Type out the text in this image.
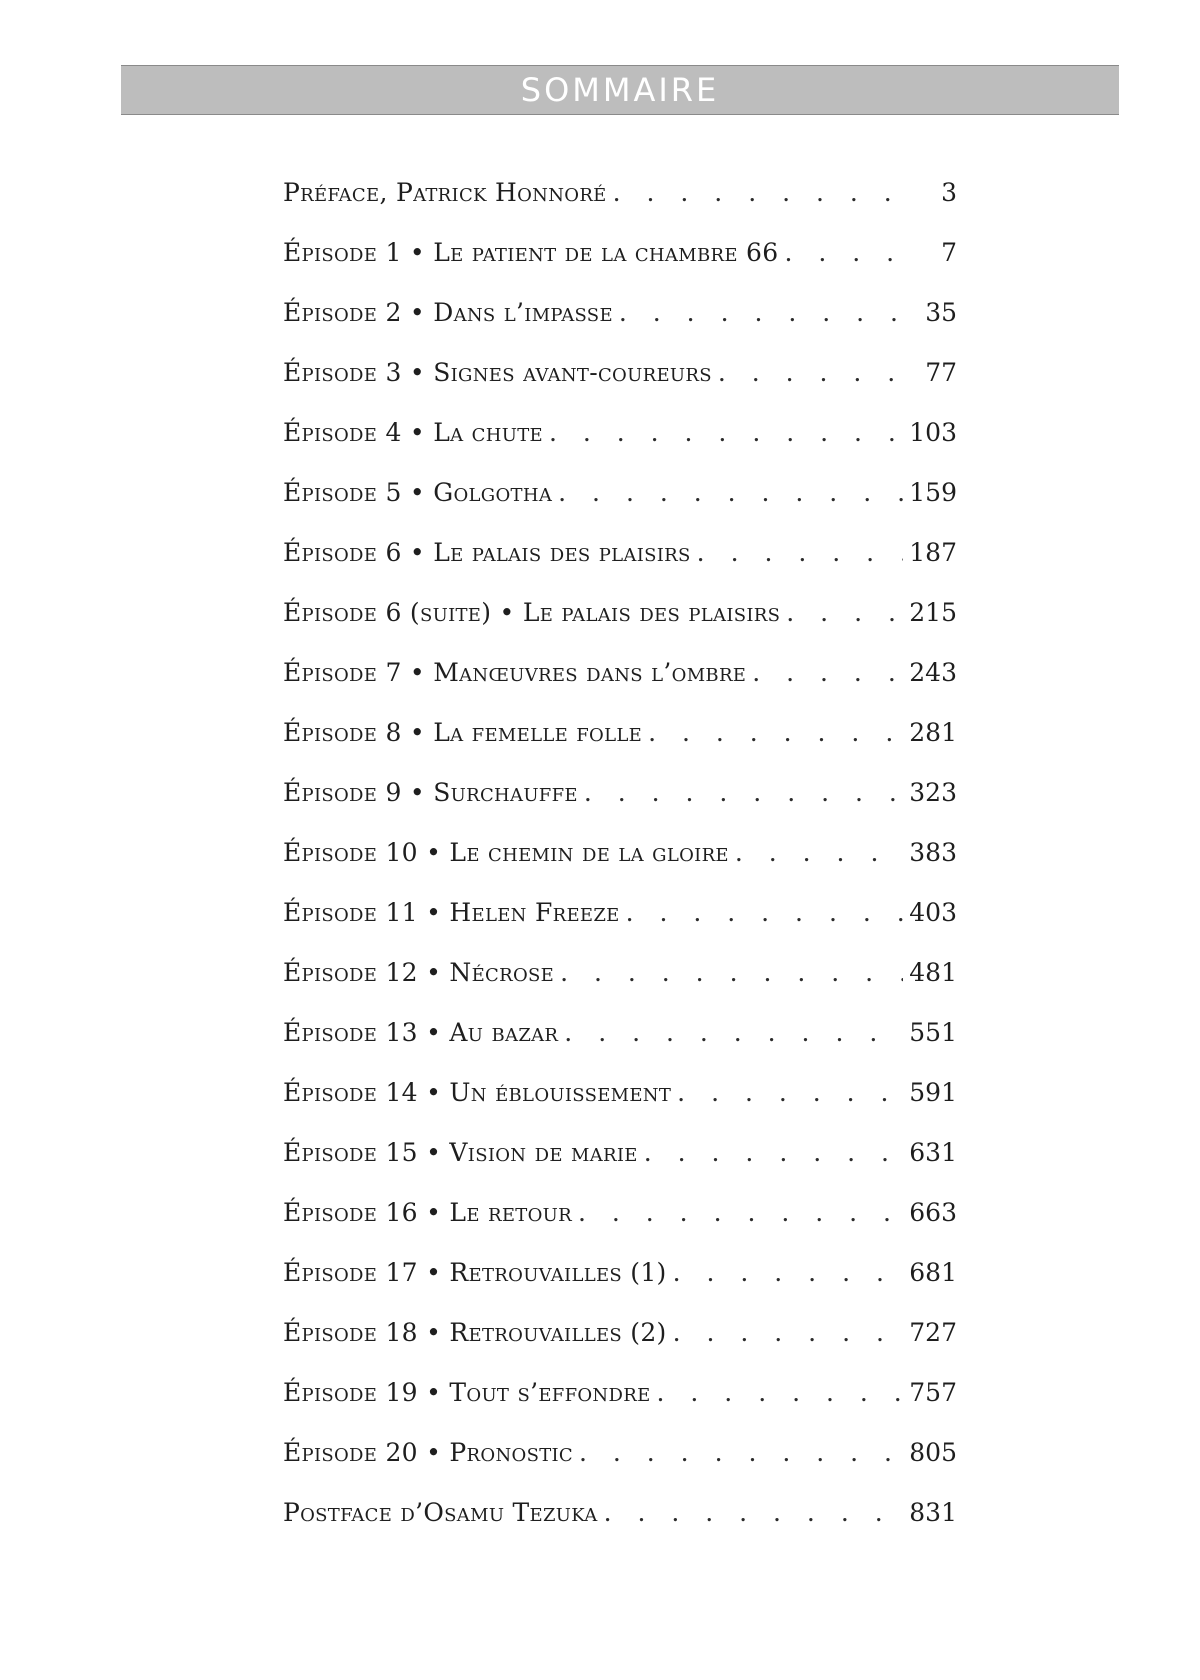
SOMMAIRE
Préface, Patrick Honnoré . . .	3
Épisode 1 • Le patient de la chambre 66 . . .	7
Épisode 2 • Dans l’impasse . . .	35
Épisode 3 • Signes avant-coureurs . . .	77
Épisode 4 • La chute . . .	103
Épisode 5 • Golgotha . . .	159
Épisode 6 • Le palais des plaisirs . . .	187
Épisode 6 (suite) • Le palais des plaisirs . . .	215
Épisode 7 • Manœuvres dans l’ombre . . .	243
Épisode 8 • La femelle folle . . .	281
Épisode 9 • Surchauffe . . .	323
Épisode 10 • Le chemin de la gloire . . .	383
Épisode 11 • Helen Freeze . . .	403
Épisode 12 • Nécrose . . .	481
Épisode 13 • Au bazar . . .	551
Épisode 14 • Un éblouissement . . .	591
Épisode 15 • Vision de marie . . .	631
Épisode 16 • Le retour . . .	663
Épisode 17 • Retrouvailles (1) . . .	681
Épisode 18 • Retrouvailles (2) . . .	727
Épisode 19 • Tout s’effondre . . .	757
Épisode 20 • Pronostic . . .	805
Postface d’Osamu Tezuka . . .	831
